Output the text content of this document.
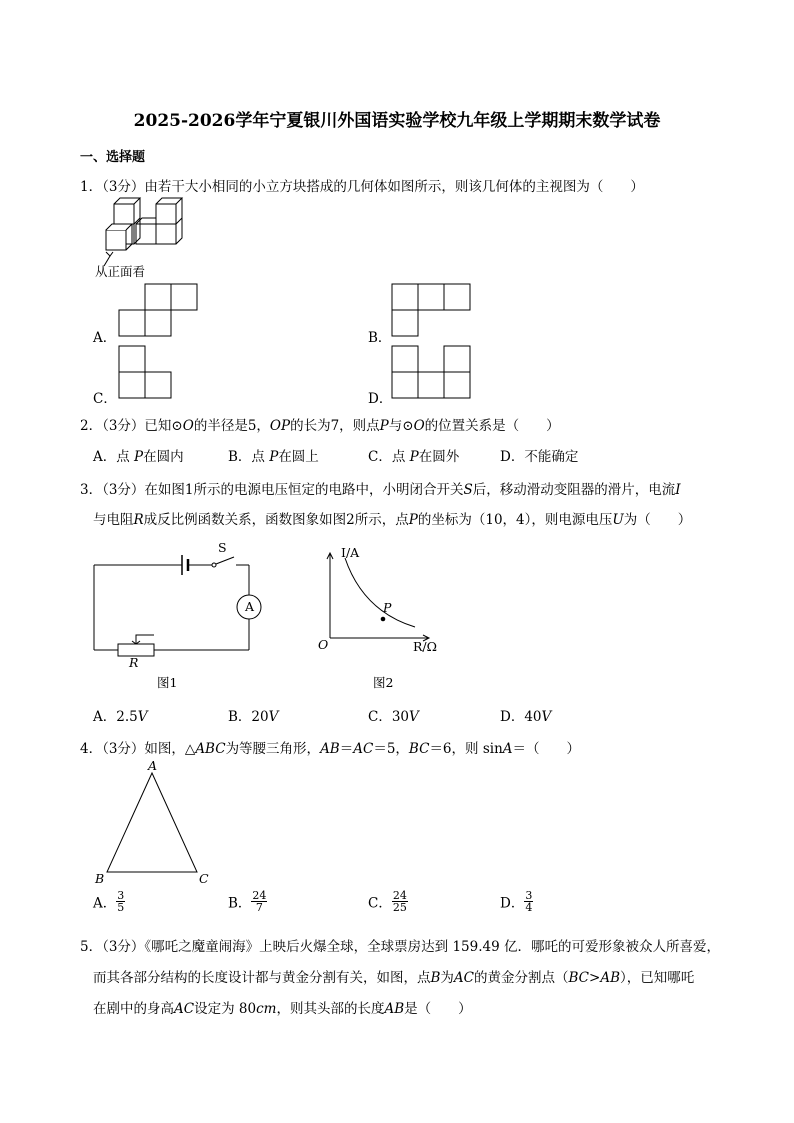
2025-2026学年宁夏银川外国语实验学校九年级上学期期末数学试卷
一、选择题
1．（3分）由若干大小相同的小立方块搭成的几何体如图所示，则该几何体的主视图为（　　）
从正面看
A．	B．
C．	D．
2．（3分）已知⊙O的半径是5，OP的长为7，则点P与⊙O的位置关系是（　　）
A．点 P在圆内	B．点 P在圆上	C．点 P在圆外	D．不能确定
3．（3分）在如图1所示的电源电压恒定的电路中，小明闭合开关S后，移动滑动变阻器的滑片，电流I
与电阻R成反比例函数关系，函数图象如图2所示，点P的坐标为（10，4），则电源电压U为（　　）
S
A
R
图1
I/A
R/Ω
O
P
图2
A．2.5V	B．20V	C．30V	D．40V
4．（3分）如图，△ABC为等腰三角形，AB＝AC＝5，BC＝6，则 sinA＝（　　）
A
B	C
A． $\frac{3}{5}$	B． $\frac{24}{7}$	C． $\frac{24}{25}$	D． $\frac{3}{4}$
5．（3分）《哪吒之魔童闹海》上映后火爆全球，全球票房达到 159.49 亿．哪吒的可爱形象被众人所喜爱，
而其各部分结构的长度设计都与黄金分割有关，如图，点B为AC的黄金分割点（BC>AB），已知哪吒
在剧中的身高AC设定为 80cm，则其头部的长度AB是（　　）
